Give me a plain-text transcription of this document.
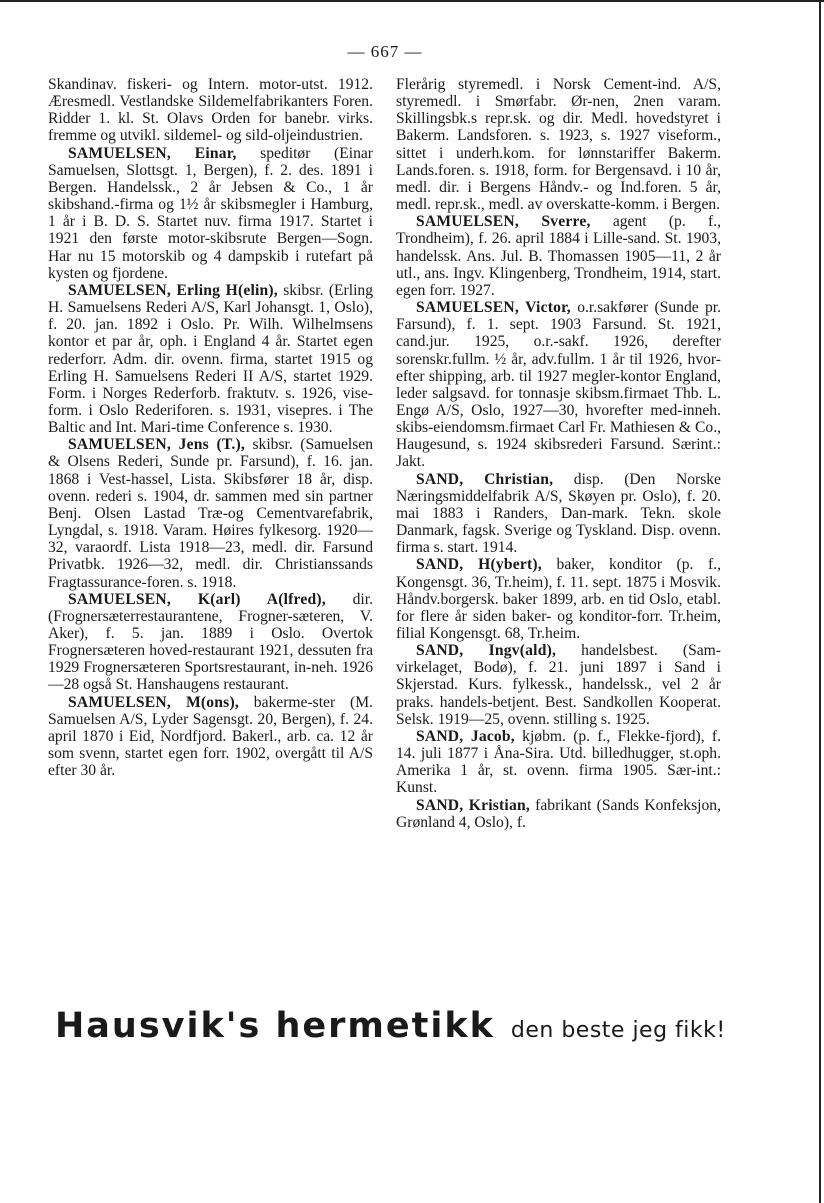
— 667 —

Skandinav. fiskeri- og Intern. motor-utst. 1912. Æresmedl. Vestlandske Sildemelfabrikanters Foren. Ridder 1. kl. St. Olavs Orden for banebr. virks. fremme og utvikl. sildemel- og sild-oljeindustrien.

SAMUELSEN, Einar, speditør (Einar Samuelsen, Slottsgt. 1, Bergen), f. 2. des. 1891 i Bergen. Handelssk., 2 år Jebsen & Co., 1 år skibshand.-firma og 1½ år skibsmegler i Hamburg, 1 år i B. D. S. Startet nuv. firma 1917. Startet i 1921 den første motor-skibsrute Bergen—Sogn. Har nu 15 motorskib og 4 dampskib i rutefart på kysten og fjordene.

SAMUELSEN, Erling H(elin), skibsr. (Erling H. Samuelsens Rederi A/S, Karl Johansgt. 1, Oslo), f. 20. jan. 1892 i Oslo. Pr. Wilh. Wilhelmsens kontor et par år, oph. i England 4 år. Startet egen rederforr. Adm. dir. ovenn. firma, startet 1915 og Erling H. Samuelsens Rederi II A/S, startet 1929. Form. i Norges Rederforb. fraktutv. s. 1926, vise-form. i Oslo Rederiforen. s. 1931, visepres. i The Baltic and Int. Mari-time Conference s. 1930.

SAMUELSEN, Jens (T.), skibsr. (Samuelsen & Olsens Rederi, Sunde pr. Farsund), f. 16. jan. 1868 i Vest-hassel, Lista. Skibsfører 18 år, disp. ovenn. rederi s. 1904, dr. sammen med sin partner Benj. Olsen Lastad Træ-og Cementvarefabrik, Lyngdal, s. 1918. Varam. Høires fylkesorg. 1920—32, varaordf. Lista 1918—23, medl. dir. Farsund Privatbk. 1926—32, medl. dir. Christianssands Fragtassurance-foren. s. 1918.

SAMUELSEN, K(arl) A(lfred), dir. (Frognersæterrestaurantene, Frogner-sæteren, V. Aker), f. 5. jan. 1889 i Oslo. Overtok Frognersæteren hoved-restaurant 1921, dessuten fra 1929 Frognersæteren Sportsrestaurant, in-neh. 1926—28 også St. Hanshaugens restaurant.

SAMUELSEN, M(ons), bakerme-ster (M. Samuelsen A/S, Lyder Sagensgt. 20, Bergen), f. 24. april 1870 i Eid, Nordfjord. Bakerl., arb. ca. 12 år som svenn, startet egen forr. 1902, overgått til A/S efter 30 år.

Flerårig styremedl. i Norsk Cement-ind. A/S, styremedl. i Smørfabr. Ør-nen, 2nen varam. Skillingsbk.s repr.sk. og dir. Medl. hovedstyret i Bakerm. Landsforen. s. 1923, s. 1927 viseform., sittet i underh.kom. for lønnstariffer Bakerm. Lands.foren. s. 1918, form. for Bergensavd. i 10 år, medl. dir. i Bergens Håndv.- og Ind.foren. 5 år, medl. repr.sk., medl. av overskatte-komm. i Bergen.

SAMUELSEN, Sverre, agent (p. f., Trondheim), f. 26. april 1884 i Lille-sand. St. 1903, handelssk. Ans. Jul. B. Thomassen 1905—11, 2 år utl., ans. Ingv. Klingenberg, Trondheim, 1914, start. egen forr. 1927.

SAMUELSEN, Victor, o.r.sakfører (Sunde pr. Farsund), f. 1. sept. 1903 Farsund. St. 1921, cand.jur. 1925, o.r.-sakf. 1926, derefter sorenskr.fullm. ½ år, adv.fullm. 1 år til 1926, hvor-efter shipping, arb. til 1927 megler-kontor England, leder salgsavd. for tonnasje skibsm.firmaet Thb. L. Engø A/S, Oslo, 1927—30, hvorefter med-inneh. skibs-eiendomsm.firmaet Carl Fr. Mathiesen & Co., Haugesund, s. 1924 skibsrederi Farsund. Særint.: Jakt.

SAND, Christian, disp. (Den Norske Næringsmiddelfabrik A/S, Skøyen pr. Oslo), f. 20. mai 1883 i Randers, Dan-mark. Tekn. skole Danmark, fagsk. Sverige og Tyskland. Disp. ovenn. firma s. start. 1914.

SAND, H(ybert), baker, konditor (p. f., Kongensgt. 36, Tr.heim), f. 11. sept. 1875 i Mosvik. Håndv.borgersk. baker 1899, arb. en tid Oslo, etabl. for flere år siden baker- og konditor-forr. Tr.heim, filial Kongensgt. 68, Tr.heim.

SAND, Ingv(ald), handelsbest. (Sam-virkelaget, Bodø), f. 21. juni 1897 i Sand i Skjerstad. Kurs. fylkessk., handelssk., vel 2 år praks. handels-betjent. Best. Sandkollen Kooperat. Selsk. 1919—25, ovenn. stilling s. 1925.

SAND, Jacob, kjøbm. (p. f., Flekke-fjord), f. 14. juli 1877 i Åna-Sira. Utd. billedhugger, st.oph. Amerika 1 år, st. ovenn. firma 1905. Sær-int.: Kunst.

SAND, Kristian, fabrikant (Sands Konfeksjon, Grønland 4, Oslo), f.

Hausvik's hermetikk den beste jeg fikk!
